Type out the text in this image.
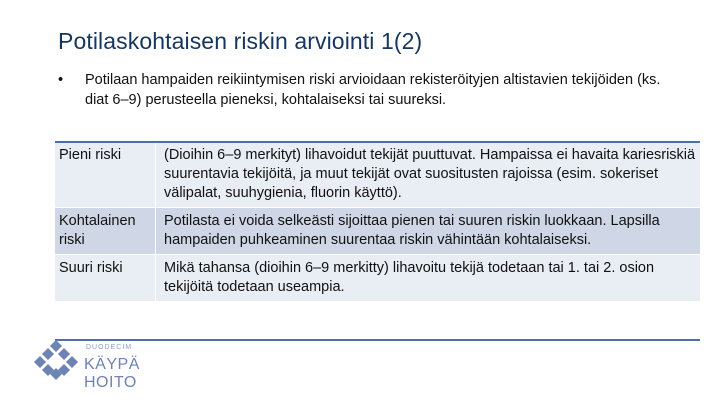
Potilaskohtaisen riskin arviointi 1(2)
•	Potilaan hampaiden reikiintymisen riski arvioidaan rekisteröityjen altistavien tekijöiden (ks. diat 6–9) perusteella pieneksi, kohtalaiseksi tai suureksi.
Pieni riski	(Dioihin 6–9 merkityt) lihavoidut tekijät puuttuvat. Hampaissa ei havaita kariesriskiä suurentavia tekijöitä, ja muut tekijät ovat suositusten rajoissa (esim. sokeriset välipalat, suuhygienia, fluorin käyttö).
Kohtalainen riski	Potilasta ei voida selkeästi sijoittaa pienen tai suuren riskin luokkaan. Lapsilla hampaiden puhkeaminen suurentaa riskin vähintään kohtalaiseksi.
Suuri riski	Mikä tahansa (dioihin 6–9 merkitty) lihavoitu tekijä todetaan tai 1. tai 2. osion tekijöitä todetaan useampia.
DUODECIM
KÄYPÄ HOITO
